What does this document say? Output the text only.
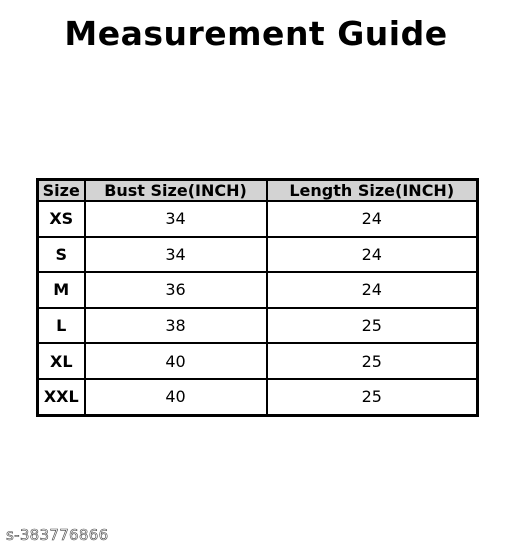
Measurement Guide
Size	Bust Size(INCH)	Length Size(INCH)
XS	34	24
S	34	24
M	36	24
L	38	25
XL	40	25
XXL	40	25
s-383776866
